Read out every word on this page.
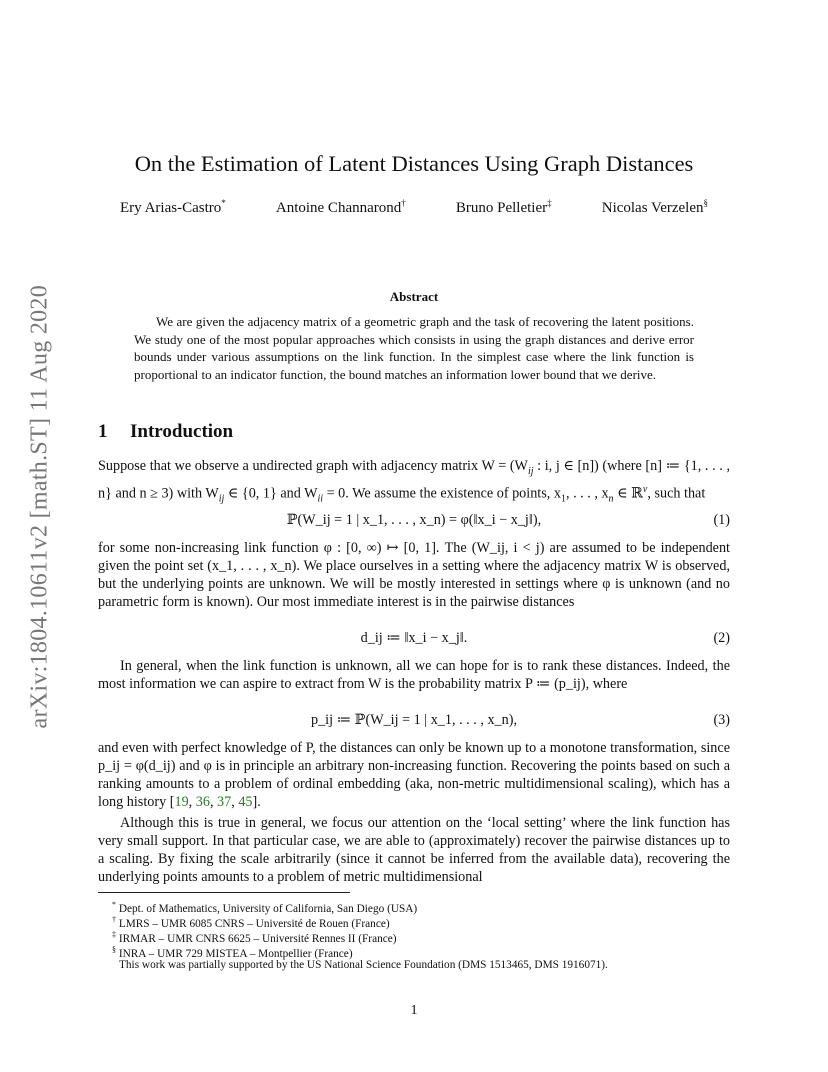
arXiv:1804.10611v2 [math.ST] 11 Aug 2020
On the Estimation of Latent Distances Using Graph Distances
Ery Arias-Castro*	Antoine Channarond†	Bruno Pelletier‡	Nicolas Verzelen§
Abstract
We are given the adjacency matrix of a geometric graph and the task of recovering the latent positions. We study one of the most popular approaches which consists in using the graph distances and derive error bounds under various assumptions on the link function. In the simplest case where the link function is proportional to an indicator function, the bound matches an information lower bound that we derive.
1 Introduction
Suppose that we observe a undirected graph with adjacency matrix $W = (W_{ij}$ : i, j ∈ [n]) (where [n] ≔ {1, . . . , n} and n ≥ 3) with $W_{ij}$ ∈ {0, 1} and $W_{ii} = 0$. We assume the existence of points, $x_1$, . . . , $x_n$ ∈ ℝ$^v$, such that
ℙ(W_ij = 1 | x_1, . . . , x_n) = φ(‖x_i − x_j‖),	(1)
for some non-increasing link function φ : [0, ∞) ↦ [0, 1]. The (W_ij, i < j) are assumed to be independent given the point set (x_1, . . . , x_n). We place ourselves in a setting where the adjacency matrix W is observed, but the underlying points are unknown. We will be mostly interested in settings where φ is unknown (and no parametric form is known). Our most immediate interest is in the pairwise distances
d_ij ≔ ‖x_i − x_j‖.	(2)
In general, when the link function is unknown, all we can hope for is to rank these distances. Indeed, the most information we can aspire to extract from W is the probability matrix P ≔ (p_ij), where
p_ij ≔ ℙ(W_ij = 1 | x_1, . . . , x_n),	(3)
and even with perfect knowledge of P, the distances can only be known up to a monotone transformation, since p_ij = φ(d_ij) and φ is in principle an arbitrary non-increasing function. Recovering the points based on such a ranking amounts to a problem of ordinal embedding (aka, non-metric multidimensional scaling), which has a long history [19, 36, 37, 45].
Although this is true in general, we focus our attention on the ‘local setting’ where the link function has very small support. In that particular case, we are able to (approximately) recover the pairwise distances up to a scaling. By fixing the scale arbitrarily (since it cannot be inferred from the available data), recovering the underlying points amounts to a problem of metric multidimensional
* Dept. of Mathematics, University of California, San Diego (USA)
† LMRS – UMR 6085 CNRS – Université de Rouen (France)
‡ IRMAR – UMR CNRS 6625 – Université Rennes II (France)
§ INRA – UMR 729 MISTEA – Montpellier (France)
This work was partially supported by the US National Science Foundation (DMS 1513465, DMS 1916071).
1
